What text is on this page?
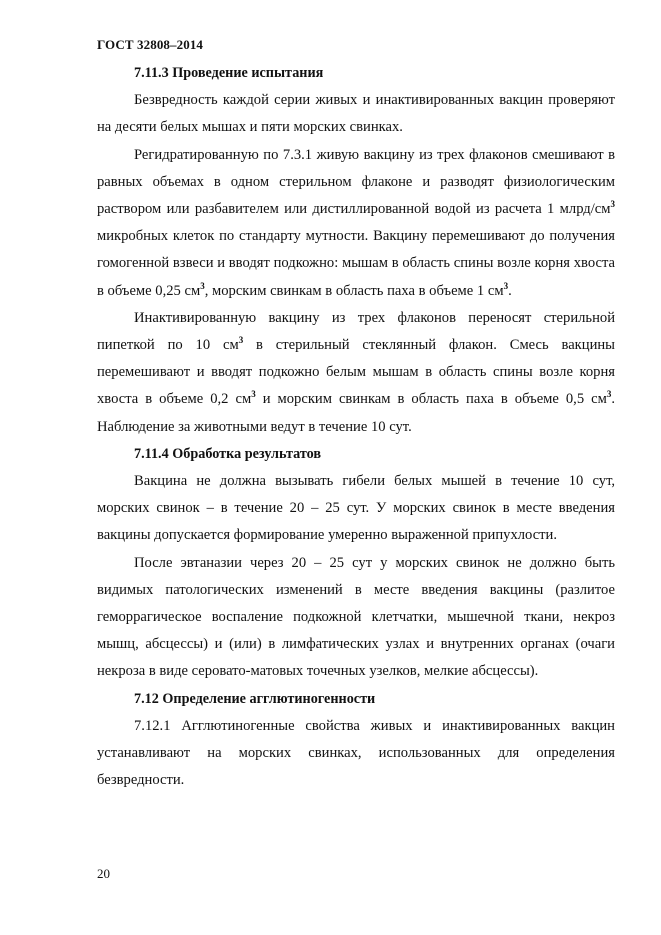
ГОСТ 32808–2014

7.11.3 Проведение испытания

Безвредность каждой серии живых и инактивированных вакцин проверяют на десяти белых мышах и пяти морских свинках.

Регидратированную по 7.3.1 живую вакцину из трех флаконов смешивают в равных объемах в одном стерильном флаконе и разводят физиологическим раствором или разбавителем или дистиллированной водой из расчета 1 млрд/$см^3$ микробных клеток по стандарту мутности. Вакцину перемешивают до получения гомогенной взвеси и вводят подкожно: мышам в область спины возле корня хвоста в объеме 0,25 $см^3$, морским свинкам в область паха в объеме 1 $см^3$.

Инактивированную вакцину из трех флаконов переносят стерильной пипеткой по 10 $см^3$ в стерильный стеклянный флакон. Смесь вакцины перемешивают и вводят подкожно белым мышам в область спины возле корня хвоста в объеме 0,2 $см^3$ и морским свинкам в область паха в объеме 0,5 $см^3$. Наблюдение за животными ведут в течение 10 сут.

7.11.4 Обработка результатов

Вакцина не должна вызывать гибели белых мышей в течение 10 сут, морских свинок – в течение 20 – 25 сут. У морских свинок в месте введения вакцины допускается формирование умеренно выраженной припухлости.

После эвтаназии через 20 – 25 сут у морских свинок не должно быть видимых патологических изменений в месте введения вакцины (разлитое геморрагическое воспаление подкожной клетчатки, мышечной ткани, некроз мышц, абсцессы) и (или) в лимфатических узлах и внутренних органах (очаги некроза в виде серовато-матовых точечных узелков, мелкие абсцессы).

7.12 Определение агглютиногенности

7.12.1 Агглютиногенные свойства живых и инактивированных вакцин устанавливают на морских свинках, использованных для определения безвредности.

20
